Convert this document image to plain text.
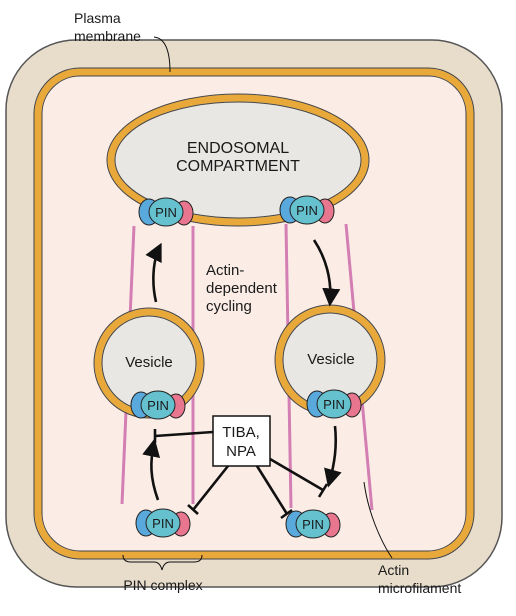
ENDOSOMAL
COMPARTMENT
Vesicle	Vesicle
TIBA,
NPA
Actin-
dependent
cycling
PIN	PIN
PIN	PIN
PIN	PIN
Plasma
membrane
PIN complex
Actin
microfilament
